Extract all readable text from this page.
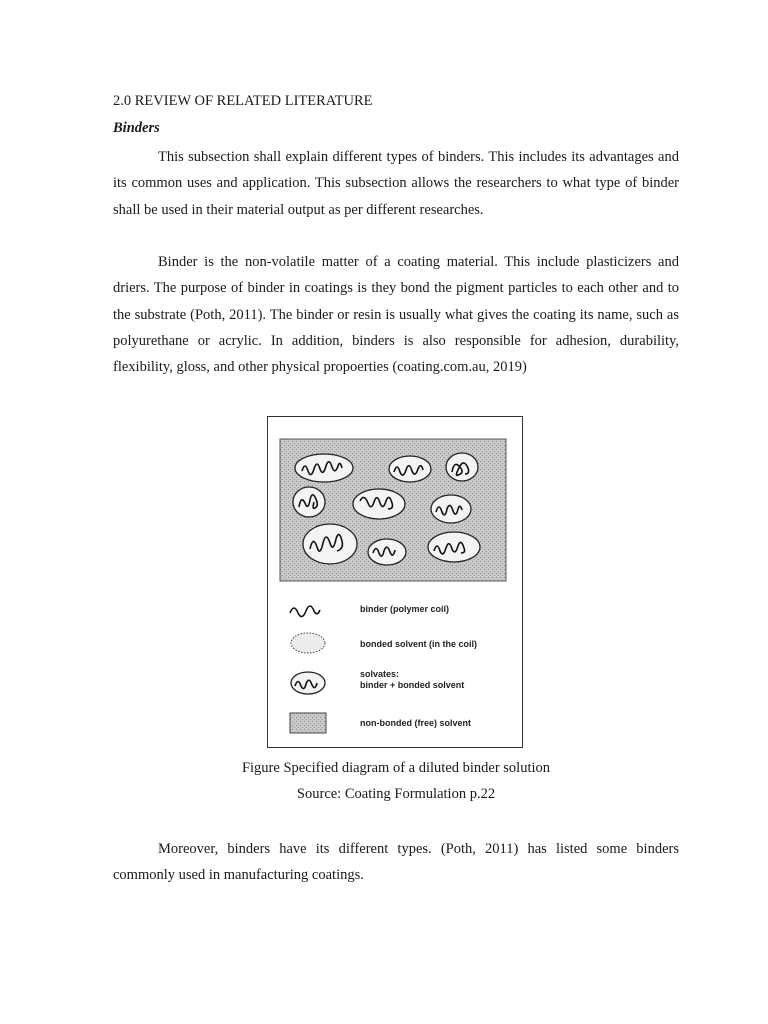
2.0 REVIEW OF RELATED LITERATURE
Binders

This subsection shall explain different types of binders. This includes its advantages and its common uses and application. This subsection allows the researchers to what type of binder shall be used in their material output as per different researches.

Binder is the non-volatile matter of a coating material. This include plasticizers and driers. The purpose of binder in coatings is they bond the pigment particles to each other and to the substrate (Poth, 2011). The binder or resin is usually what gives the coating its name, such as polyurethane or acrylic. In addition, binders is also responsible for adhesion, durability, flexibility, gloss, and other physical propoerties (coating.com.au, 2019)

binder (polymer coil)
bonded solvent (in the coil)
solvates:
binder + bonded solvent
non-bonded (free) solvent
Figure Specified diagram of a diluted binder solution
Source: Coating Formulation p.22

Moreover, binders have its different types. (Poth, 2011) has listed some binders commonly used in manufacturing coatings.
